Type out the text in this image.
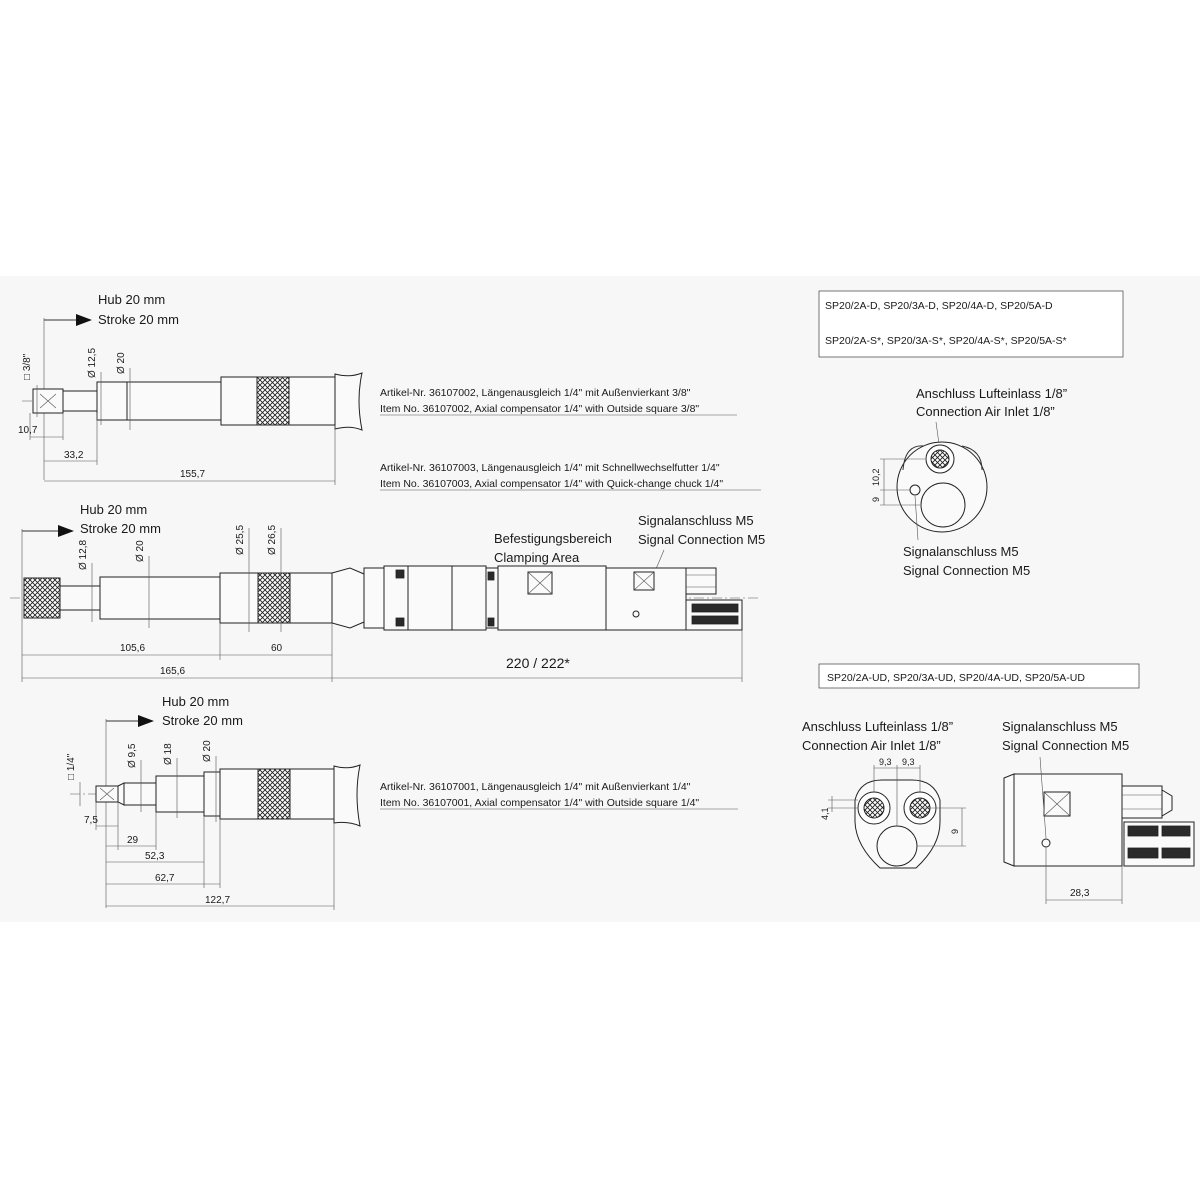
Hub 20 mm
Stroke 20 mm
□ 3/8"	Ø 12,5 Ø 20
10,7
33,2
155,7
Artikel-Nr. 36107002, Längenausgleich 1/4" mit Außenvierkant 3/8"
Item No. 36107002, Axial compensator 1/4" with Outside square 3/8"
Artikel-Nr. 36107003, Längenausgleich 1/4" mit Schnellwechselfutter 1/4"
Item No. 36107003, Axial compensator 1/4" with Quick-change chuck 1/4"
Hub 20 mm
Stroke 20 mm
Befestigungsbereich
Clamping Area
Signalanschluss M5
Signal Connection M5
Ø 12,8	Ø 20	Ø 25,5 Ø 26,5
105,6	60
165,6
220 / 222*
Hub 20 mm
Stroke 20 mm
□ 1/4"	Ø 9,5	Ø 18	Ø 20
7,5
29
52,3
62,7
122,7
Artikel-Nr. 36107001, Längenausgleich 1/4" mit Außenvierkant 1/4"
Item No. 36107001, Axial compensator 1/4" with Outside square 1/4"
SP20/2A-D, SP20/3A-D, SP20/4A-D, SP20/5A-D
SP20/2A-S*, SP20/3A-S*, SP20/4A-S*, SP20/5A-S*
Anschluss Lufteinlass 1/8”
Connection Air Inlet 1/8”
10,2
9
Signalanschluss M5
Signal Connection M5
SP20/2A-UD, SP20/3A-UD, SP20/4A-UD, SP20/5A-UD
Anschluss Lufteinlass 1/8”
Connection Air Inlet 1/8”
9,3 9,3
4,1
9
Signalanschluss M5
Signal Connection M5
28,3
